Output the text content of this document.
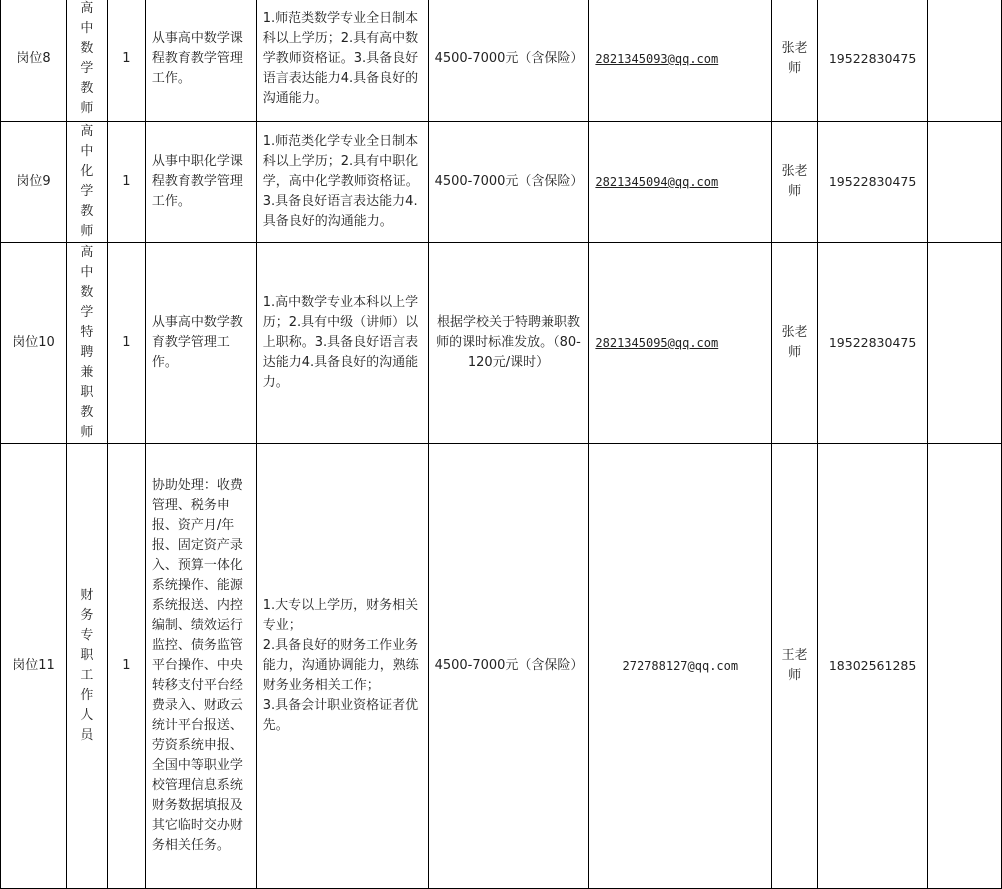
岗位8	高中数学教师	1	从事高中数学课程教育教学管理工作。	1.师范类数学专业全日制本科以上学历；2.具有高中数学教师资格证。3.具备良好语言表达能力4.具备良好的沟通能力。	4500-7000元（含保险）	2821345093@qq.com	张老师	19522830475	
岗位9	高中化学教师	1	从事中职化学课程教育教学管理工作。	1.师范类化学专业全日制本科以上学历；2.具有中职化学，高中化学教师资格证。3.具备良好语言表达能力4.具备良好的沟通能力。	4500-7000元（含保险）	2821345094@qq.com	张老师	19522830475	
岗位10	高中数学特聘兼职教师	1	从事高中数学教育教学管理工作。	1.高中数学专业本科以上学历；2.具有中级（讲师）以上职称。3.具备良好语言表达能力4.具备良好的沟通能力。	根据学校关于特聘兼职教师的课时标准发放。（80-120元/课时）	2821345095@qq.com	张老师	19522830475	
岗位11	财务专职工作人员	1	协助处理：收费管理、税务申报、资产月/年报、固定资产录入、预算一体化系统操作、能源系统报送、内控编制、绩效运行监控、债务监管平台操作、中央转移支付平台经费录入、财政云统计平台报送、劳资系统申报、全国中等职业学校管理信息系统财务数据填报及其它临时交办财务相关任务。	1.大专以上学历，财务相关专业；
2.具备良好的财务工作业务能力，沟通协调能力，熟练财务业务相关工作；
3.具备会计职业资格证者优先。	4500-7000元（含保险）	272788127@qq.com	王老师	18302561285	
